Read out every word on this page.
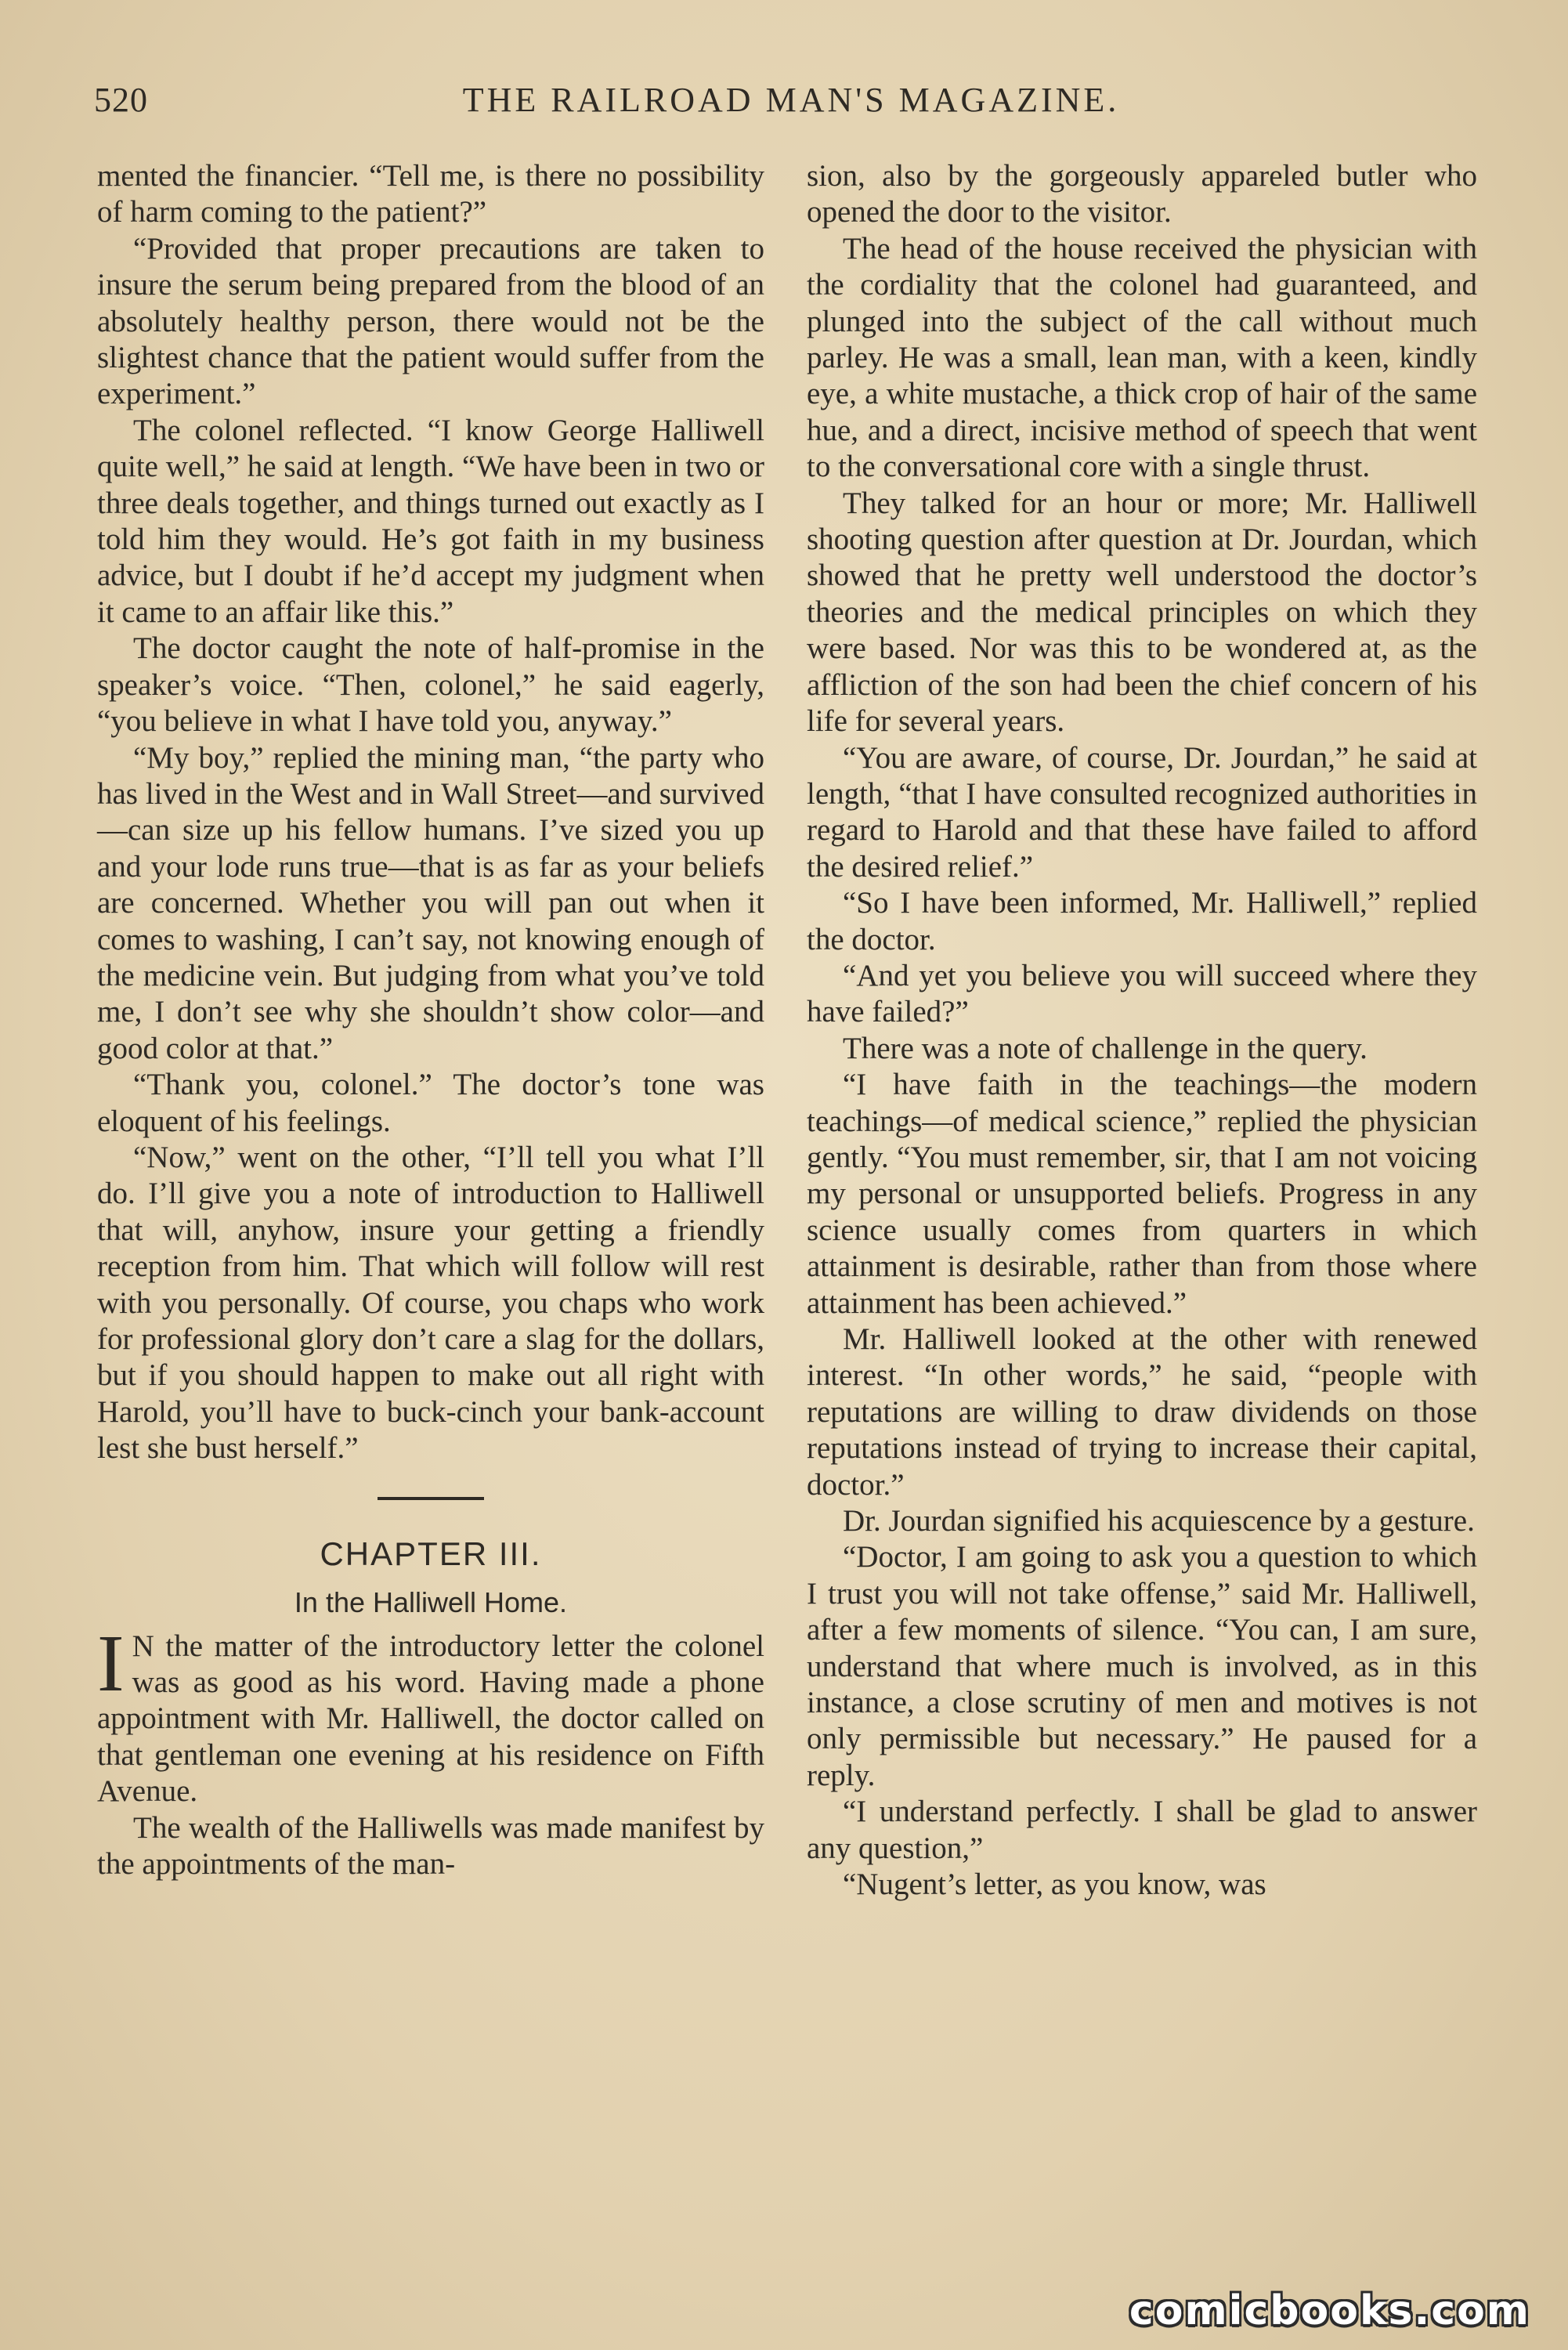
520	THE RAILROAD MAN'S MAGAZINE.

mented the financier. “Tell me, is there no possibility of harm coming to the patient?”

“Provided that proper precautions are taken to insure the serum being prepared from the blood of an absolutely healthy person, there would not be the slightest chance that the patient would suffer from the experiment.”

The colonel reflected. “I know George Halliwell quite well,” he said at length. “We have been in two or three deals together, and things turned out exactly as I told him they would. He’s got faith in my business advice, but I doubt if he’d accept my judgment when it came to an affair like this.”

The doctor caught the note of half-promise in the speaker’s voice. “Then, colonel,” he said eagerly, “you believe in what I have told you, anyway.”

“My boy,” replied the mining man, “the party who has lived in the West and in Wall Street—and survived—can size up his fellow humans. I’ve sized you up and your lode runs true—that is as far as your beliefs are concerned. Whether you will pan out when it comes to washing, I can’t say, not knowing enough of the medicine vein. But judging from what you’ve told me, I don’t see why she shouldn’t show color—and good color at that.”

“Thank you, colonel.” The doctor’s tone was eloquent of his feelings.

“Now,” went on the other, “I’ll tell you what I’ll do. I’ll give you a note of introduction to Halliwell that will, anyhow, insure your getting a friendly reception from him. That which will follow will rest with you personally. Of course, you chaps who work for professional glory don’t care a slag for the dollars, but if you should happen to make out all right with Harold, you’ll have to buck-cinch your bank-account lest she bust herself.”

CHAPTER III.
In the Halliwell Home.

I N the matter of the introductory letter the colonel was as good as his word. Having made a phone appointment with Mr. Halliwell, the doctor called on that gentleman one evening at his residence on Fifth Avenue.

The wealth of the Halliwells was made manifest by the appointments of the man-

sion, also by the gorgeously appareled butler who opened the door to the visitor.

The head of the house received the physician with the cordiality that the colonel had guaranteed, and plunged into the subject of the call without much parley. He was a small, lean man, with a keen, kindly eye, a white mustache, a thick crop of hair of the same hue, and a direct, incisive method of speech that went to the conversational core with a single thrust.

They talked for an hour or more; Mr. Halliwell shooting question after question at Dr. Jourdan, which showed that he pretty well understood the doctor’s theories and the medical principles on which they were based. Nor was this to be wondered at, as the affliction of the son had been the chief concern of his life for several years.

“You are aware, of course, Dr. Jourdan,” he said at length, “that I have consulted recognized authorities in regard to Harold and that these have failed to afford the desired relief.”

“So I have been informed, Mr. Halliwell,” replied the doctor.

“And yet you believe you will succeed where they have failed?”

There was a note of challenge in the query.

“I have faith in the teachings—the modern teachings—of medical science,” replied the physician gently. “You must remember, sir, that I am not voicing my personal or unsupported beliefs. Progress in any science usually comes from quarters in which attainment is desirable, rather than from those where attainment has been achieved.”

Mr. Halliwell looked at the other with renewed interest. “In other words,” he said, “people with reputations are willing to draw dividends on those reputations instead of trying to increase their capital, doctor.”

Dr. Jourdan signified his acquiescence by a gesture.

“Doctor, I am going to ask you a question to which I trust you will not take offense,” said Mr. Halliwell, after a few moments of silence. “You can, I am sure, understand that where much is involved, as in this instance, a close scrutiny of men and motives is not only permissible but necessary.” He paused for a reply.

“I understand perfectly. I shall be glad to answer any question,”

“Nugent’s letter, as you know, was

comicbooks.com
